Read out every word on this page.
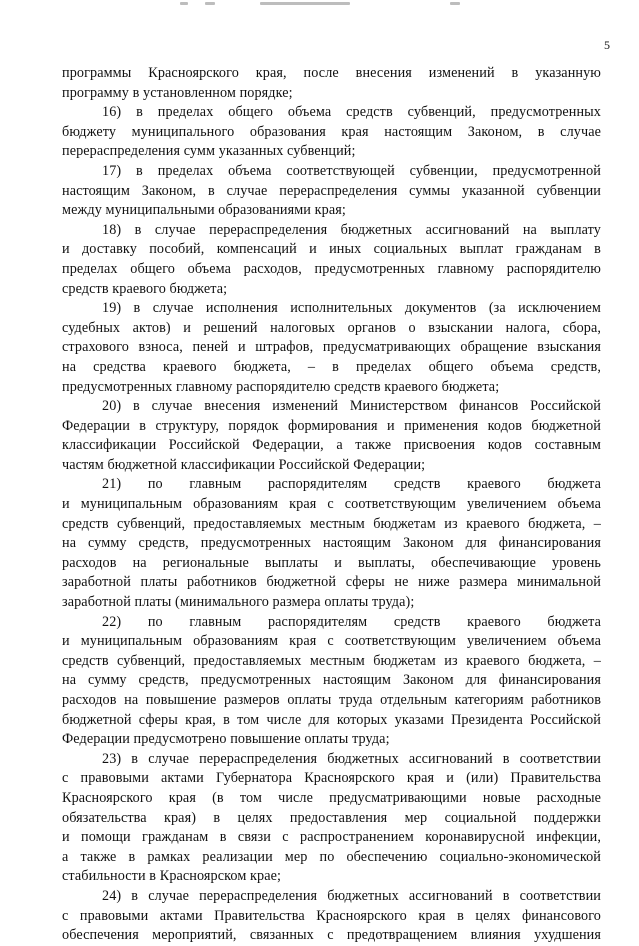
5
программы Красноярского края, после внесения изменений в указанную
программу в установленном порядке;
16) в пределах общего объема средств субвенций, предусмотренных
бюджету муниципального образования края настоящим Законом, в случае
перераспределения сумм указанных субвенций;
17) в пределах объема соответствующей субвенции, предусмотренной
настоящим Законом, в случае перераспределения суммы указанной субвенции
между муниципальными образованиями края;
18) в случае перераспределения бюджетных ассигнований на выплату
и доставку пособий, компенсаций и иных социальных выплат гражданам в
пределах общего объема расходов, предусмотренных главному распорядителю
средств краевого бюджета;
19) в случае исполнения исполнительных документов (за исключением
судебных актов) и решений налоговых органов о взыскании налога, сбора,
страхового взноса, пеней и штрафов, предусматривающих обращение взыскания
на средства краевого бюджета, – в пределах общего объема средств,
предусмотренных главному распорядителю средств краевого бюджета;
20) в случае внесения изменений Министерством финансов Российской
Федерации в структуру, порядок формирования и применения кодов бюджетной
классификации Российской Федерации, а также присвоения кодов составным
частям бюджетной классификации Российской Федерации;
21) по главным распорядителям средств краевого бюджета
и муниципальным образованиям края с соответствующим увеличением объема
средств субвенций, предоставляемых местным бюджетам из краевого бюджета, –
на сумму средств, предусмотренных настоящим Законом для финансирования
расходов на региональные выплаты и выплаты, обеспечивающие уровень
заработной платы работников бюджетной сферы не ниже размера минимальной
заработной платы (минимального размера оплаты труда);
22) по главным распорядителям средств краевого бюджета
и муниципальным образованиям края с соответствующим увеличением объема
средств субвенций, предоставляемых местным бюджетам из краевого бюджета, –
на сумму средств, предусмотренных настоящим Законом для финансирования
расходов на повышение размеров оплаты труда отдельным категориям работников
бюджетной сферы края, в том числе для которых указами Президента Российской
Федерации предусмотрено повышение оплаты труда;
23) в случае перераспределения бюджетных ассигнований в соответствии
с правовыми актами Губернатора Красноярского края и (или) Правительства
Красноярского края (в том числе предусматривающими новые расходные
обязательства края) в целях предоставления мер социальной поддержки
и помощи гражданам в связи с распространением коронавирусной инфекции,
а также в рамках реализации мер по обеспечению социально-экономической
стабильности в Красноярском крае;
24) в случае перераспределения бюджетных ассигнований в соответствии
с правовыми актами Правительства Красноярского края в целях финансового
обеспечения мероприятий, связанных с предотвращением влияния ухудшения
